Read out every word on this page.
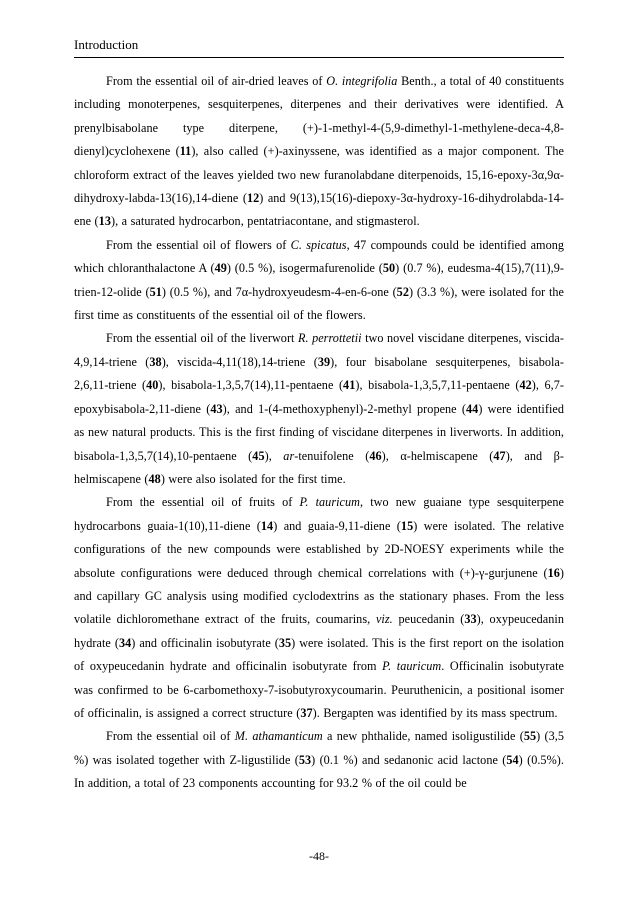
Introduction

From the essential oil of air-dried leaves of O. integrifolia Benth., a total of 40 constituents including monoterpenes, sesquiterpenes, diterpenes and their derivatives were identified. A prenylbisabolane type diterpene, (+)-1-methyl-4-(5,9-dimethyl-1-methylene-deca-4,8-dienyl)cyclohexene (11), also called (+)-axinyssene, was identified as a major component. The chloroform extract of the leaves yielded two new furanolabdane diterpenoids, 15,16-epoxy-3α,9α-dihydroxy-labda-13(16),14-diene (12) and 9(13),15(16)-diepoxy-3α-hydroxy-16-dihydrolabda-14-ene (13), a saturated hydrocarbon, pentatriacontane, and stigmasterol.

From the essential oil of flowers of C. spicatus, 47 compounds could be identified among which chloranthalactone A (49) (0.5 %), isogermafurenolide (50) (0.7 %), eudesma-4(15),7(11),9-trien-12-olide (51) (0.5 %), and 7α-hydroxyeudesm-4-en-6-one (52) (3.3 %), were isolated for the first time as constituents of the essential oil of the flowers.

From the essential oil of the liverwort R. perrottetii two novel viscidane diterpenes, viscida-4,9,14-triene (38), viscida-4,11(18),14-triene (39), four bisabolane sesquiterpenes, bisabola-2,6,11-triene (40), bisabola-1,3,5,7(14),11-pentaene (41), bisabola-1,3,5,7,11-pentaene (42), 6,7-epoxybisabola-2,11-diene (43), and 1-(4-methoxyphenyl)-2-methyl propene (44) were identified as new natural products. This is the first finding of viscidane diterpenes in liverworts. In addition, bisabola-1,3,5,7(14),10-pentaene (45), ar-tenuifolene (46), α-helmiscapene (47), and β-helmiscapene (48) were also isolated for the first time.

From the essential oil of fruits of P. tauricum, two new guaiane type sesquiterpene hydrocarbons guaia-1(10),11-diene (14) and guaia-9,11-diene (15) were isolated. The relative configurations of the new compounds were established by 2D-NOESY experiments while the absolute configurations were deduced through chemical correlations with (+)-γ-gurjunene (16) and capillary GC analysis using modified cyclodextrins as the stationary phases. From the less volatile dichloromethane extract of the fruits, coumarins, viz. peucedanin (33), oxypeucedanin hydrate (34) and officinalin isobutyrate (35) were isolated. This is the first report on the isolation of oxypeucedanin hydrate and officinalin isobutyrate from P. tauricum. Officinalin isobutyrate was confirmed to be 6-carbomethoxy-7-isobutyroxycoumarin. Peuruthenicin, a positional isomer of officinalin, is assigned a correct structure (37). Bergapten was identified by its mass spectrum.

From the essential oil of M. athamanticum a new phthalide, named isoligustilide (55) (3,5 %) was isolated together with Z-ligustilide (53) (0.1 %) and sedanonic acid lactone (54) (0.5%). In addition, a total of 23 components accounting for 93.2 % of the oil could be

-48-
